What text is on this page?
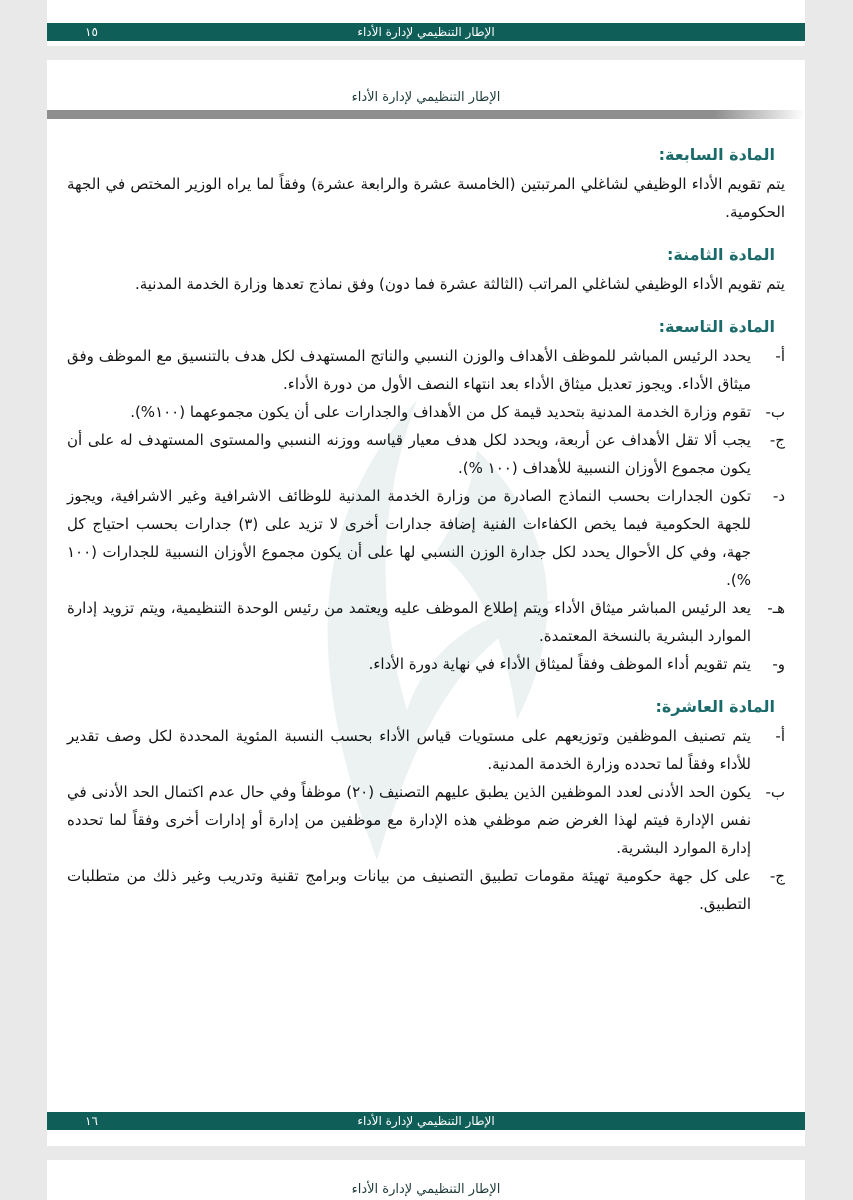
الإطار التنظيمي لإدارة الأداء
١٥
الإطار التنظيمي لإدارة الأداء
المادة السابعة:

يتم تقويم الأداء الوظيفي لشاغلي المرتبتين (الخامسة عشرة والرابعة عشرة) وفقاً لما يراه الوزير المختص في الجهة الحكومية.

المادة الثامنة:

يتم تقويم الأداء الوظيفي لشاغلي المراتب (الثالثة عشرة فما دون) وفق نماذج تعدها وزارة الخدمة المدنية.

المادة التاسعة:
أ-
يحدد الرئيس المباشر للموظف الأهداف والوزن النسبي والناتج المستهدف لكل هدف بالتنسيق مع الموظف وفق ميثاق الأداء. ويجوز تعديل ميثاق الأداء بعد انتهاء النصف الأول من دورة الأداء.
ب-
تقوم وزارة الخدمة المدنية بتحديد قيمة كل من الأهداف والجدارات على أن يكون مجموعهما (١٠٠%).
ج-
يجب ألا تقل الأهداف عن أربعة، ويحدد لكل هدف معيار قياسه ووزنه النسبي والمستوى المستهدف له على أن يكون مجموع الأوزان النسبية للأهداف (١٠٠ %).
د-
تكون الجدارات بحسب النماذج الصادرة من وزارة الخدمة المدنية للوظائف الاشرافية وغير الاشرافية، ويجوز للجهة الحكومية فيما يخص الكفاءات الفنية إضافة جدارات أخرى لا تزيد على (٣) جدارات بحسب احتياج كل جهة، وفي كل الأحوال يحدد لكل جدارة الوزن النسبي لها على أن يكون مجموع الأوزان النسبية للجدارات (١٠٠ %).
هـ-
يعد الرئيس المباشر ميثاق الأداء ويتم إطلاع الموظف عليه ويعتمد من رئيس الوحدة التنظيمية، ويتم تزويد إدارة الموارد البشرية بالنسخة المعتمدة.
و-
يتم تقويم أداء الموظف وفقاً لميثاق الأداء في نهاية دورة الأداء.
المادة العاشرة:
أ-
يتم تصنيف الموظفين وتوزيعهم على مستويات قياس الأداء بحسب النسبة المئوية المحددة لكل وصف تقدير للأداء وفقاً لما تحدده وزارة الخدمة المدنية.
ب-
يكون الحد الأدنى لعدد الموظفين الذين يطبق عليهم التصنيف (٢٠) موظفاً وفي حال عدم اكتمال الحد الأدنى في نفس الإدارة فيتم لهذا الغرض ضم موظفي هذه الإدارة مع موظفين من إدارة أو إدارات أخرى وفقاً لما تحدده إدارة الموارد البشرية.
ج-
على كل جهة حكومية تهيئة مقومات تطبيق التصنيف من بيانات وبرامج تقنية وتدريب وغير ذلك من متطلبات التطبيق.
الإطار التنظيمي لإدارة الأداء
١٦
الإطار التنظيمي لإدارة الأداء
